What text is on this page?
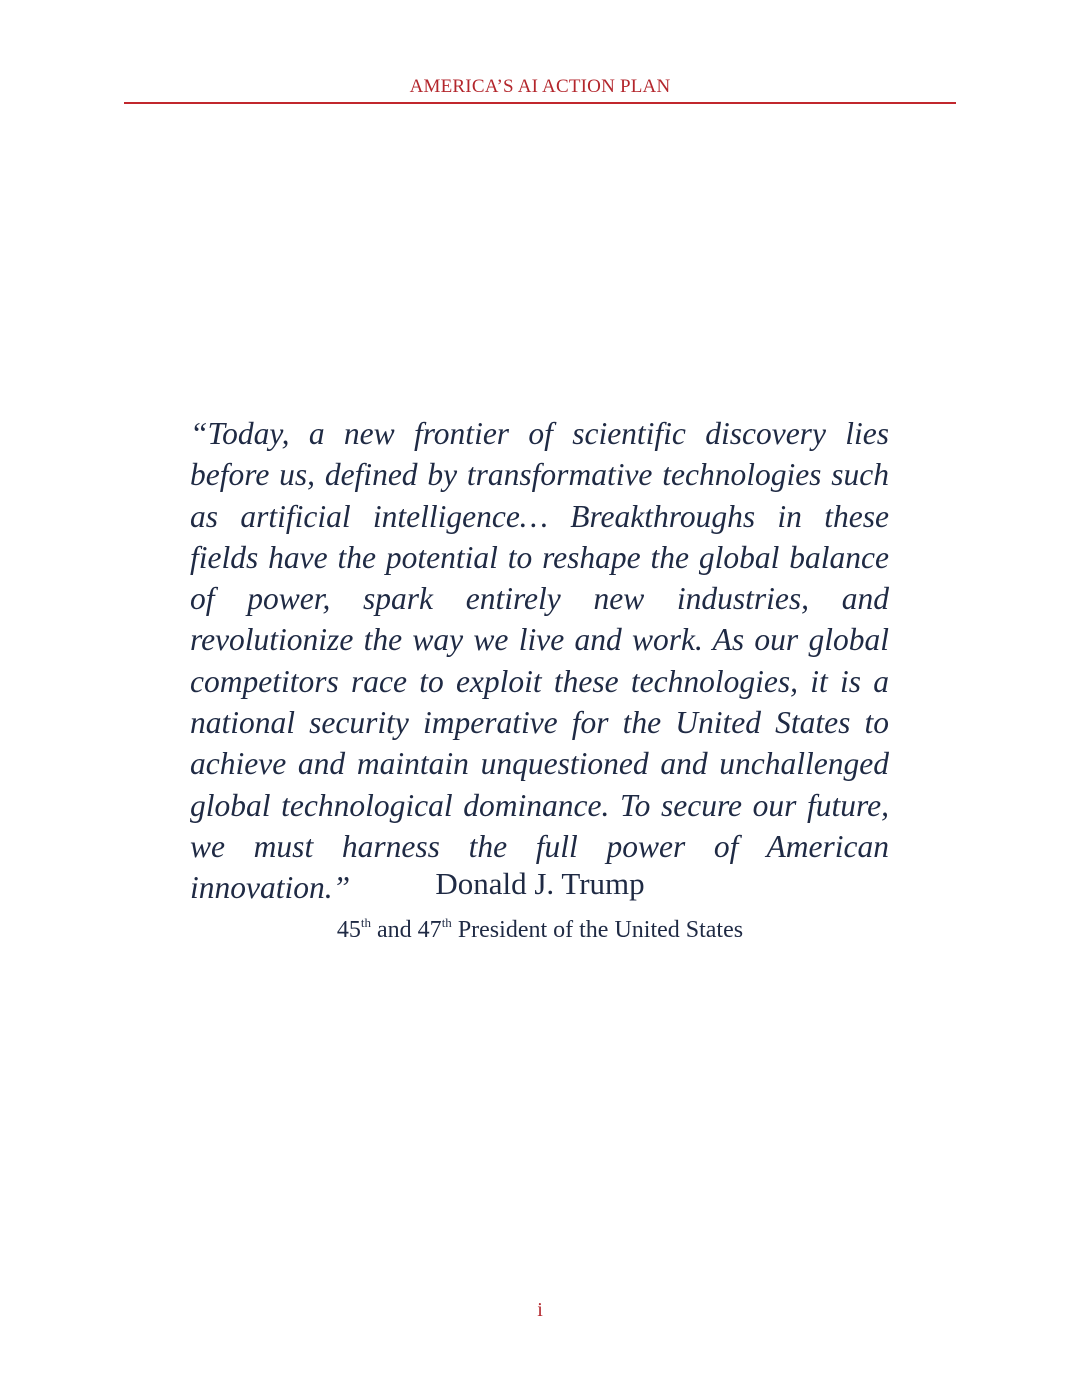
AMERICA’S AI ACTION PLAN

“Today, a new frontier of scientific discovery lies before us, defined by transformative technologies such as artificial intelligence… Breakthroughs in these fields have the potential to reshape the global balance of power, spark entirely new industries, and revolutionize the way we live and work. As our global competitors race to exploit these technologies, it is a national security imperative for the United States to achieve and maintain unquestioned and unchallenged global technological dominance. To secure our future, we must harness the full power of American innovation.”	Donald J. Trump
45th and 47th President of the United States
i
